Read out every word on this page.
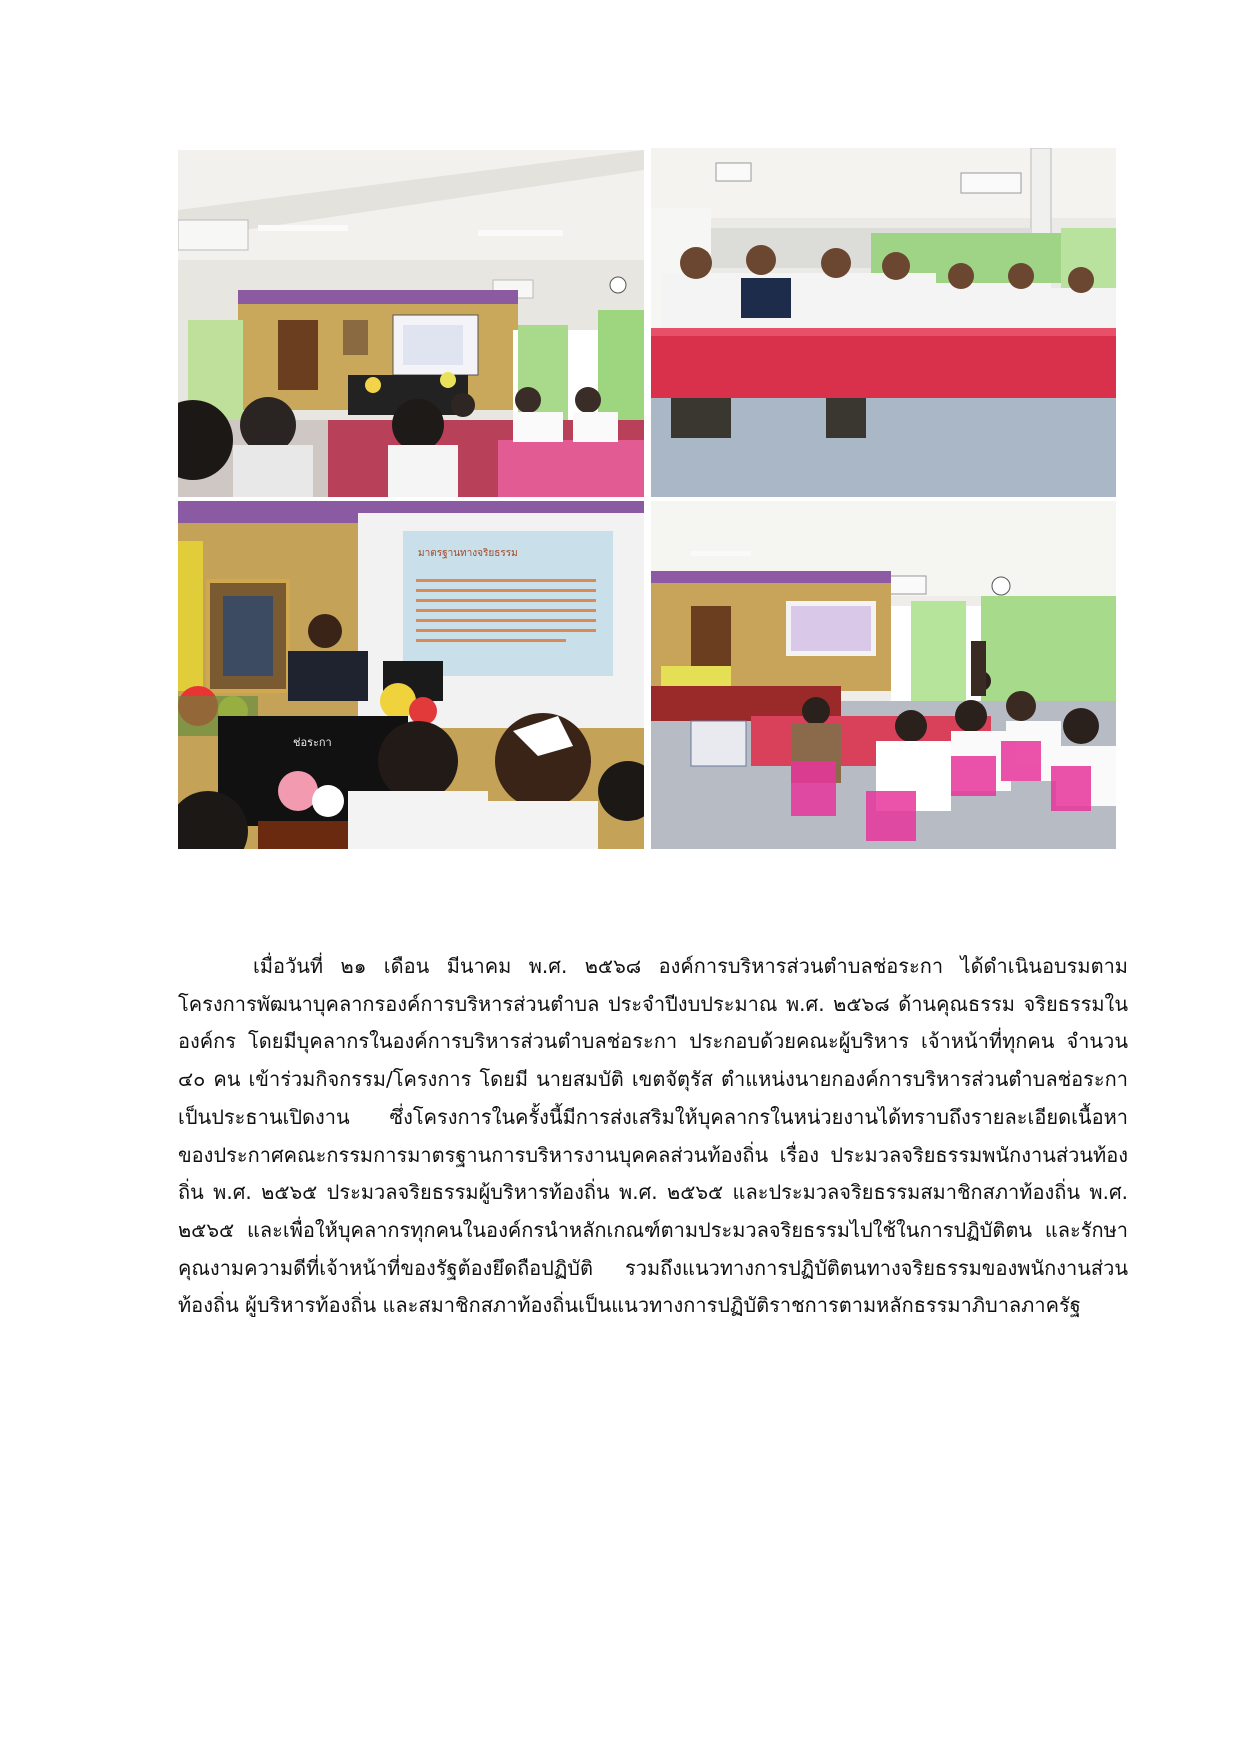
มาตรฐานทางจริยธรรม
ช่อระกา

เมื่อวันที่ ๒๑ เดือน มีนาคม พ.ศ. ๒๕๖๘ องค์การบริหารส่วนตำบลช่อระกา ได้ดำเนินอบรมตามโครงการพัฒนาบุคลากรองค์การบริหารส่วนตำบล ประจำปีงบประมาณ พ.ศ. ๒๕๖๘ ด้านคุณธรรม จริยธรรมในองค์กร โดยมีบุคลากรในองค์การบริหารส่วนตำบลช่อระกา ประกอบด้วยคณะผู้บริหาร เจ้าหน้าที่ทุกคน จำนวน ๔๐ คน เข้าร่วมกิจกรรม/โครงการ โดยมี นายสมบัติ เขตจัตุรัส ตำแหน่งนายกองค์การบริหารส่วนตำบลช่อระกา เป็นประธานเปิดงาน ซึ่งโครงการในครั้งนี้มีการส่งเสริมให้บุคลากรในหน่วยงานได้ทราบถึงรายละเอียดเนื้อหาของประกาศคณะกรรมการมาตรฐานการบริหารงานบุคคลส่วนท้องถิ่น เรื่อง ประมวลจริยธรรมพนักงานส่วนท้องถิ่น พ.ศ. ๒๕๖๕ ประมวลจริยธรรมผู้บริหารท้องถิ่น พ.ศ. ๒๕๖๕ และประมวลจริยธรรมสมาชิกสภาท้องถิ่น พ.ศ. ๒๕๖๕ และเพื่อให้บุคลากรทุกคนในองค์กรนำหลักเกณฑ์ตามประมวลจริยธรรมไปใช้ในการปฏิบัติตน และรักษาคุณงามความดีที่เจ้าหน้าที่ของรัฐต้องยึดถือปฏิบัติ รวมถึงแนวทางการปฏิบัติตนทางจริยธรรมของพนักงานส่วนท้องถิ่น ผู้บริหารท้องถิ่น และสมาชิกสภาท้องถิ่นเป็นแนวทางการปฏิบัติราชการตามหลักธรรมาภิบาลภาครัฐ
